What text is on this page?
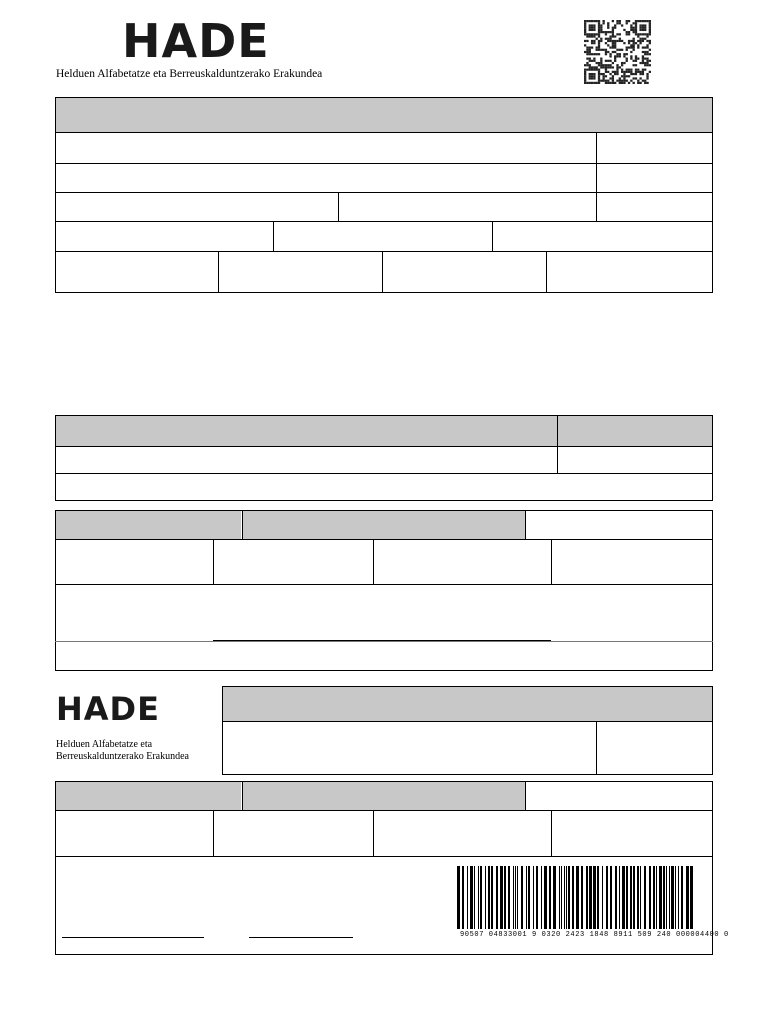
HADE
Helduen Alfabetatze eta Berreuskalduntzerako Erakundea
HADE
Helduen Alfabetatze eta
Berreuskalduntzerako Erakundea
90507 04833001 9 0320 2423 1848 8911 509 240 000004400 0
